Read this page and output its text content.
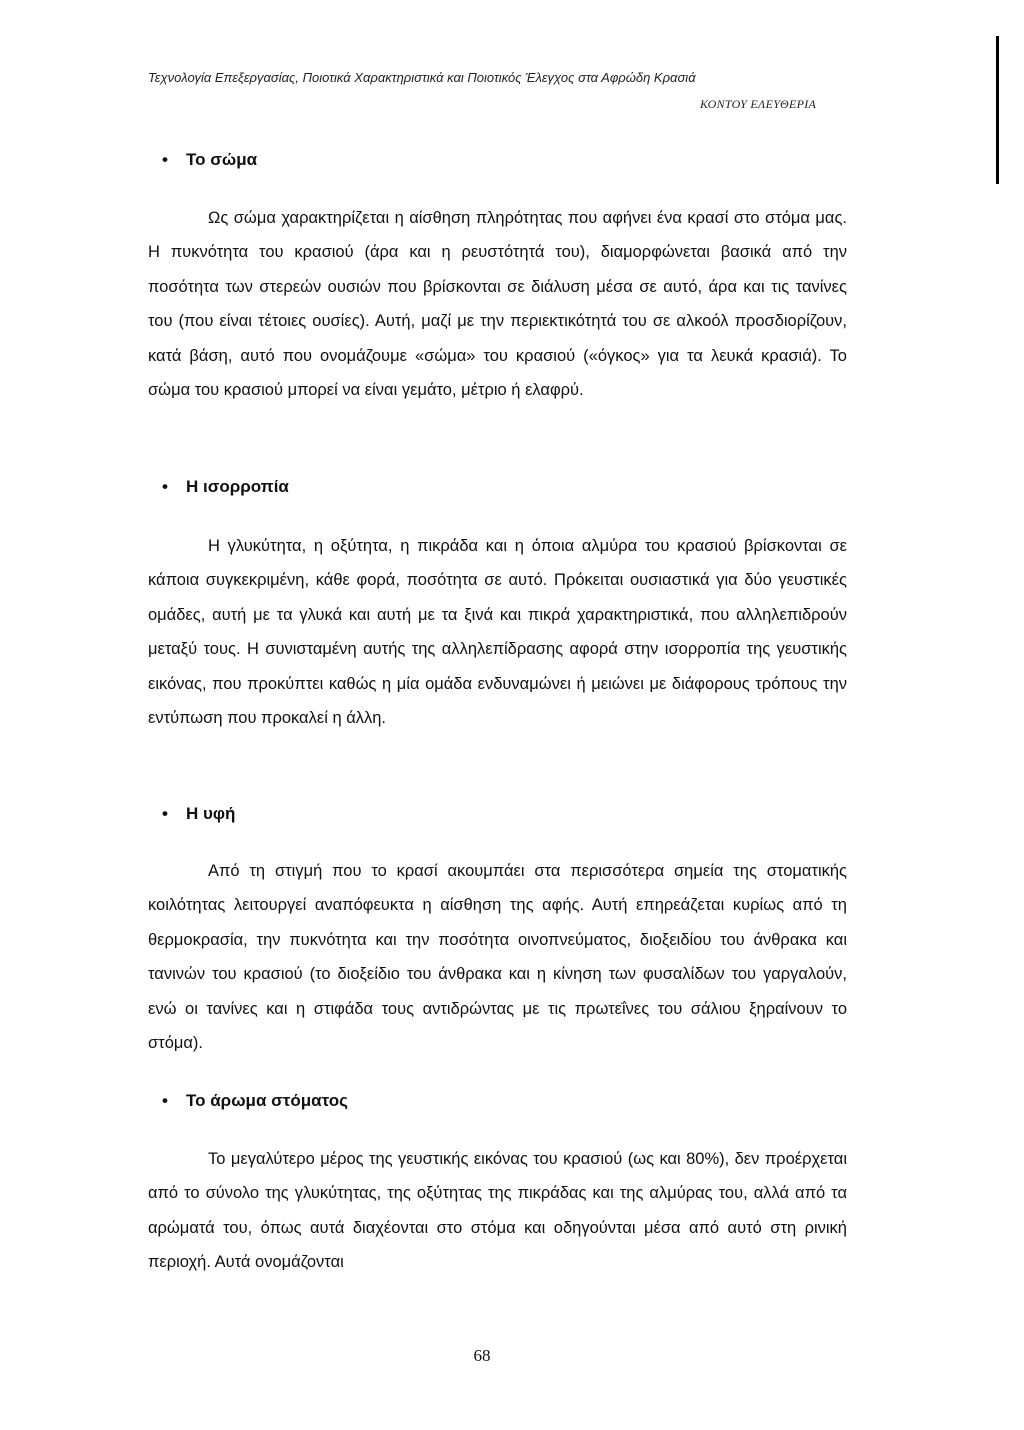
Τεχνολογία Επεξεργασίας, Ποιοτικά Χαρακτηριστικά και Ποιοτικός Έλεγχος στα Αφρώδη Κρασιά
ΚΟΝΤΟΥ ΕΛΕΥΘΕΡΙΑ
• Το σώμα
Ως σώμα χαρακτηρίζεται η αίσθηση πληρότητας που αφήνει ένα κρασί στο στόμα μας. Η πυκνότητα του κρασιού (άρα και η ρευστότητά του), διαμορφώνεται βασικά από την ποσότητα των στερεών ουσιών που βρίσκονται σε διάλυση μέσα σε αυτό, άρα και τις τανίνες του (που είναι τέτοιες ουσίες). Αυτή, μαζί με την περιεκτικότητά του σε αλκοόλ προσδιορίζουν, κατά βάση, αυτό που ονομάζουμε «σώμα» του κρασιού («όγκος» για τα λευκά κρασιά). Το σώμα του κρασιού μπορεί να είναι γεμάτο, μέτριο ή ελαφρύ.
• Η ισορροπία
Η γλυκύτητα, η οξύτητα, η πικράδα και η όποια αλμύρα του κρασιού βρίσκονται σε κάποια συγκεκριμένη, κάθε φορά, ποσότητα σε αυτό. Πρόκειται ουσιαστικά για δύο γευστικές ομάδες, αυτή με τα γλυκά και αυτή με τα ξινά και πικρά χαρακτηριστικά, που αλληλεπιδρούν μεταξύ τους. Η συνισταμένη αυτής της αλληλεπίδρασης αφορά στην ισορροπία της γευστικής εικόνας, που προκύπτει καθώς η μία ομάδα ενδυναμώνει ή μειώνει με διάφορους τρόπους την εντύπωση που προκαλεί η άλλη.
• Η υφή
Από τη στιγμή που το κρασί ακουμπάει στα περισσότερα σημεία της στοματικής κοιλότητας λειτουργεί αναπόφευκτα η αίσθηση της αφής. Αυτή επηρεάζεται κυρίως από τη θερμοκρασία, την πυκνότητα και την ποσότητα οινοπνεύματος, διοξειδίου του άνθρακα και τανινών του κρασιού (το διοξείδιο του άνθρακα και η κίνηση των φυσαλίδων του γαργαλούν, ενώ οι τανίνες και η στιφάδα τους αντιδρώντας με τις πρωτεΐνες του σάλιου ξηραίνουν το στόμα).
• Το άρωμα στόματος
Το μεγαλύτερο μέρος της γευστικής εικόνας του κρασιού (ως και 80%), δεν προέρχεται από το σύνολο της γλυκύτητας, της οξύτητας της πικράδας και της αλμύρας του, αλλά από τα αρώματά του, όπως αυτά διαχέονται στο στόμα και οδηγούνται μέσα από αυτό στη ρινική περιοχή. Αυτά ονομάζονται
68
